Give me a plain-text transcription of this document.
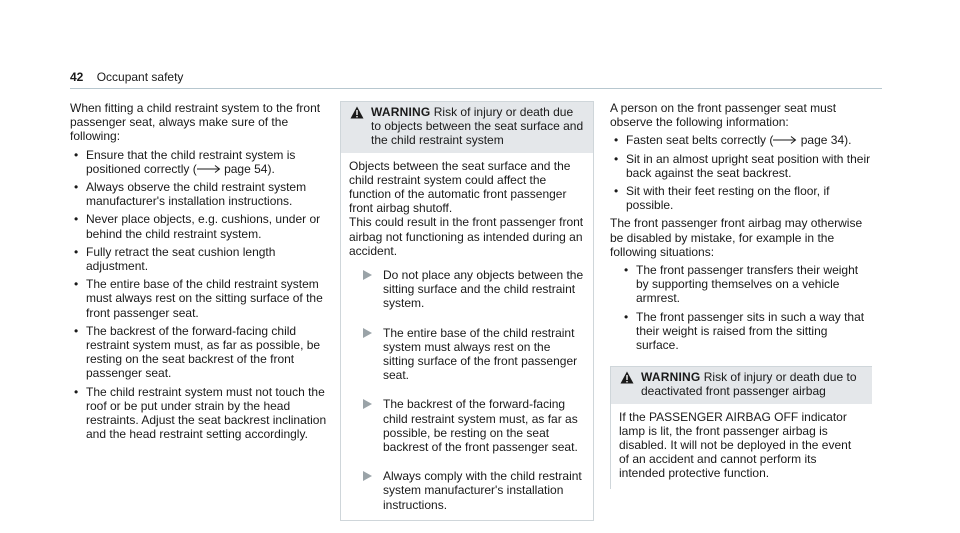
42 Occupant safety

When fitting a child restraint system to the front passenger seat, always make sure of the following:

• Ensure that the child restraint system is positioned correctly ( page 54).
• Always observe the child restraint system manufacturer's installation instructions.
• Never place objects, e.g. cushions, under or behind the child restraint system.
• Fully retract the seat cushion length adjustment.
• The entire base of the child restraint system must always rest on the sitting surface of the front passenger seat.
• The backrest of the forward-facing child restraint system must, as far as possible, be resting on the seat backrest of the front passenger seat.
• The child restraint system must not touch the roof or be put under strain by the head restraints. Adjust the seat backrest inclination and the head restraint setting accordingly.
WARNING Risk of injury or death due to objects between the seat surface and the child restraint system

Objects between the seat surface and the child restraint system could affect the function of the automatic front passenger front airbag shutoff.

This could result in the front passenger front airbag not functioning as intended during an accident.

Do not place any objects between the sitting surface and the child restraint system.
The entire base of the child restraint system must always rest on the sitting surface of the front passenger seat.
The backrest of the forward-facing child restraint system must, as far as possible, be resting on the seat backrest of the front passenger seat.
Always comply with the child restraint system manufacturer's installation instructions.

A person on the front passenger seat must observe the following information:

• Fasten seat belts correctly ( page 34).
• Sit in an almost upright seat position with their back against the seat backrest.
• Sit with their feet resting on the floor, if possible.

The front passenger front airbag may otherwise be disabled by mistake, for example in the following situations:

• The front passenger transfers their weight by supporting themselves on a vehicle armrest.
• The front passenger sits in such a way that their weight is raised from the sitting surface.
WARNING Risk of injury or death due to deactivated front passenger airbag

If the PASSENGER AIRBAG OFF indicator lamp is lit, the front passenger airbag is disabled. It will not be deployed in the event of an accident and cannot perform its intended protective function.
